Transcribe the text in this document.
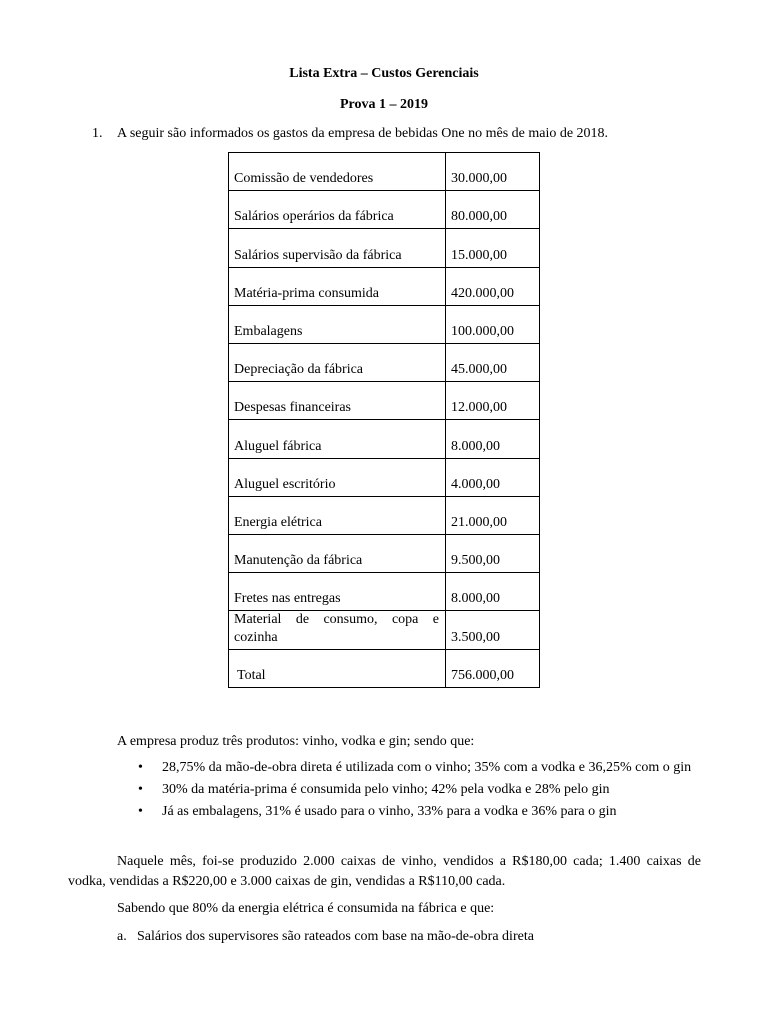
Lista Extra – Custos Gerenciais
Prova 1 – 2019
1. A seguir são informados os gastos da empresa de bebidas One no mês de maio de 2018.
Comissão de vendedores	30.000,00
Salários operários da fábrica	80.000,00
Salários supervisão da fábrica	15.000,00
Matéria-prima consumida	420.000,00
Embalagens	100.000,00
Depreciação da fábrica	45.000,00
Despesas financeiras	12.000,00
Aluguel fábrica	8.000,00
Aluguel escritório	4.000,00
Energia elétrica	21.000,00
Manutenção da fábrica	9.500,00
Fretes nas entregas	8.000,00
Material de consumo, copa e cozinha	3.500,00
Total	756.000,00
A empresa produz três produtos: vinho, vodka e gin; sendo que:
• 28,75% da mão-de-obra direta é utilizada com o vinho; 35% com a vodka e 36,25% com o gin
• 30% da matéria-prima é consumida pelo vinho; 42% pela vodka e 28% pelo gin
• Já as embalagens, 31% é usado para o vinho, 33% para a vodka e 36% para o gin
Naquele mês, foi-se produzido 2.000 caixas de vinho, vendidos a R$180,00 cada; 1.400 caixas de vodka, vendidas a R$220,00 e 3.000 caixas de gin, vendidas a R$110,00 cada.
Sabendo que 80% da energia elétrica é consumida na fábrica e que:
a. Salários dos supervisores são rateados com base na mão-de-obra direta
